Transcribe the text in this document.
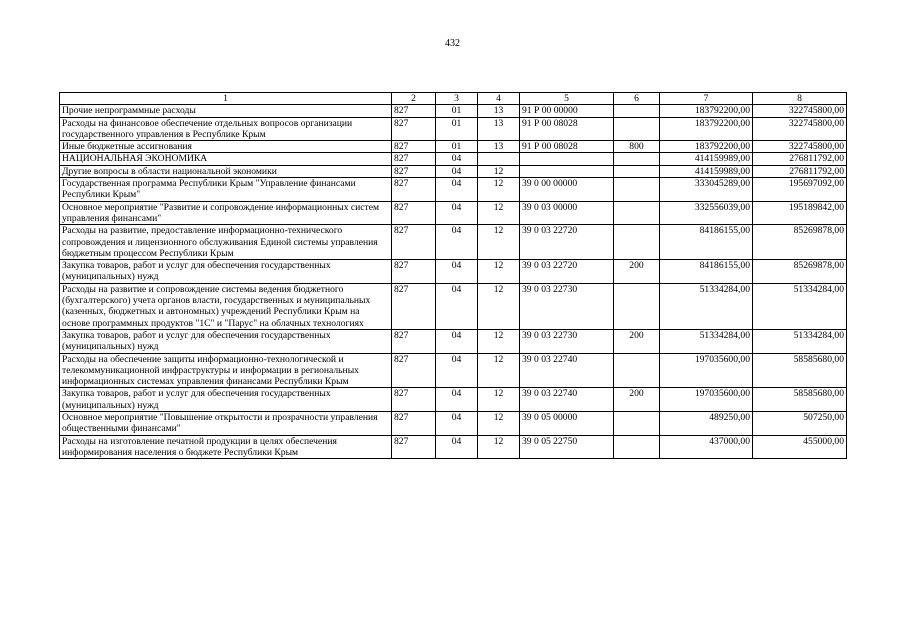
432
1	2	3	4	5	6	7	8
Прочие непрограммные расходы	827	01	13	91 Р 00 00000		183792200,00	322745800,00
Расходы на финансовое обеспечение отдельных вопросов организации государственного управления в Республике Крым	827	01	13	91 Р 00 08028		183792200,00	322745800,00
Иные бюджетные ассигнования	827	01	13	91 Р 00 08028	800	183792200,00	322745800,00
НАЦИОНАЛЬНАЯ ЭКОНОМИКА	827	04				414159989,00	276811792,00
Другие вопросы в области национальной экономики	827	04	12			414159989,00	276811792,00
Государственная программа Республики Крым "Управление финансами Республики Крым"	827	04	12	39 0 00 00000		333045289,00	195697092,00
Основное мероприятие "Развитие и сопровождение информационных систем управления финансами"	827	04	12	39 0 03 00000		332556039,00	195189842,00
Расходы на развитие, предоставление информационно-технического сопровождения и лицензионного обслуживания Единой системы управления бюджетным процессом Республики Крым	827	04	12	39 0 03 22720		84186155,00	85269878,00
Закупка товаров, работ и услуг для обеспечения государственных (муниципальных) нужд	827	04	12	39 0 03 22720	200	84186155,00	85269878,00
Расходы на развитие и сопровождение системы ведения бюджетного (бухгалтерского) учета органов власти, государственных и муниципальных (казенных, бюджетных и автономных) учреждений Республики Крым на основе программных продуктов "1С" и "Парус" на облачных технологиях	827	04	12	39 0 03 22730		51334284,00	51334284,00
Закупка товаров, работ и услуг для обеспечения государственных (муниципальных) нужд	827	04	12	39 0 03 22730	200	51334284,00	51334284,00
Расходы на обеспечение защиты информационно-технологической и телекоммуникационной инфраструктуры и информации в региональных информационных системах управления финансами Республики Крым	827	04	12	39 0 03 22740		197035600,00	58585680,00
Закупка товаров, работ и услуг для обеспечения государственных (муниципальных) нужд	827	04	12	39 0 03 22740	200	197035600,00	58585680,00
Основное мероприятие "Повышение открытости и прозрачности управления общественными финансами"	827	04	12	39 0 05 00000		489250,00	507250,00
Расходы на изготовление печатной продукции в целях обеспечения информирования населения о бюджете Республики Крым	827	04	12	39 0 05 22750		437000,00	455000,00
